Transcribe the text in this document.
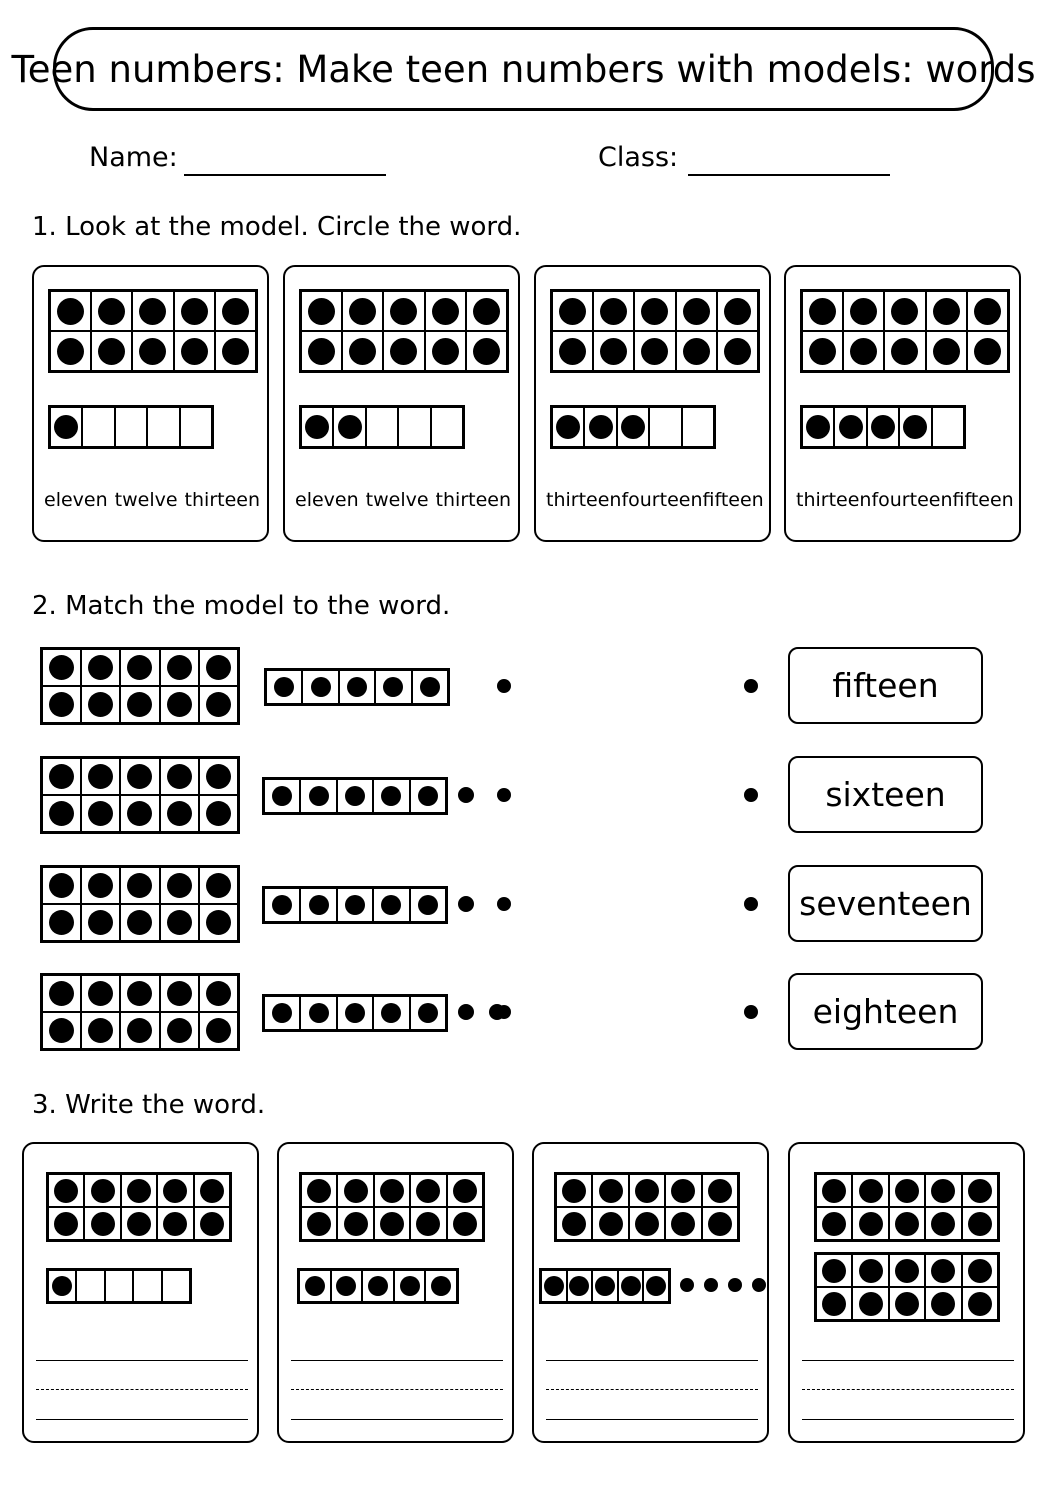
Teen numbers: Make teen numbers with models: words
Name:	Class:
1. Look at the model. Circle the word.
2. Match the model to the word.
3. Write the word.
eleven twelve thirteen eleven twelve thirteen thirteen fourteen fifteen thirteen fourteen fifteen
fifteen
sixteen
seventeen
eighteen
